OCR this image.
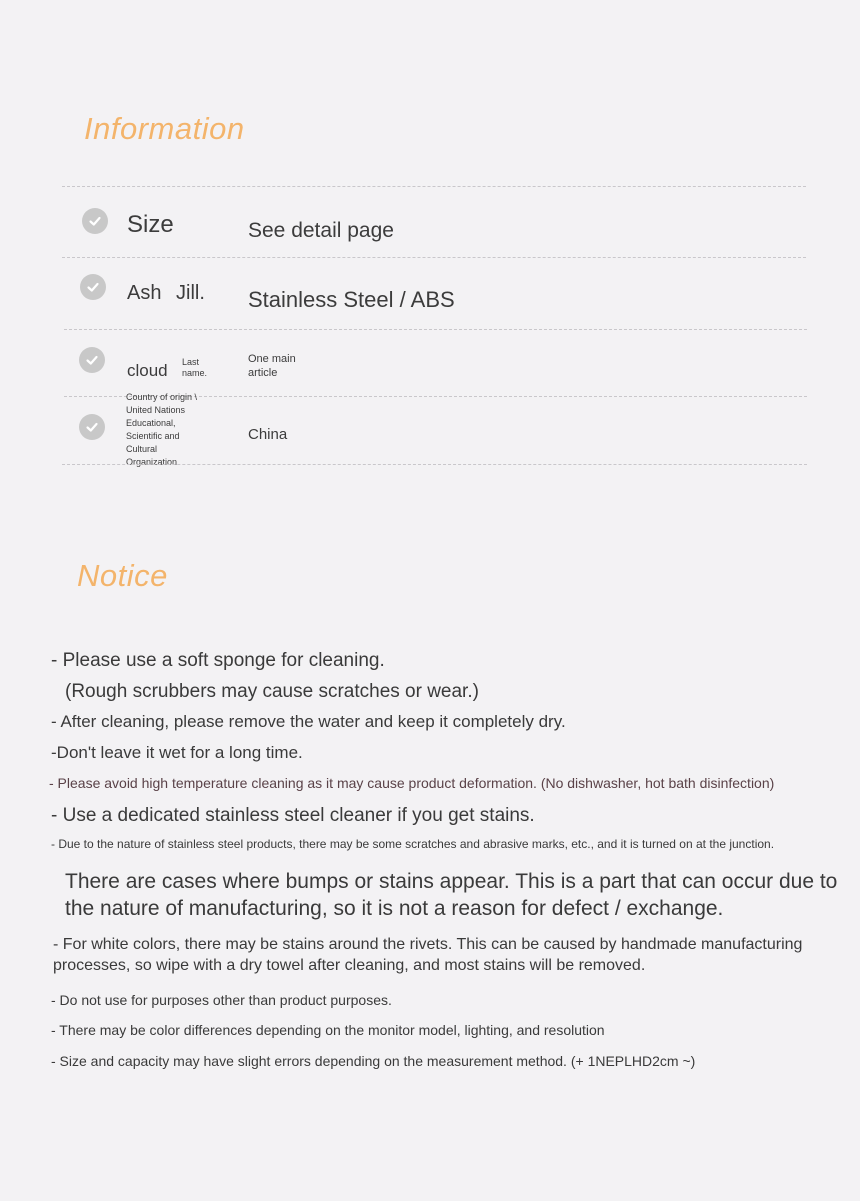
Information
Size	See detail page
Ash Jill. Stainless Steel / ABS
cloud Last name.
One main article
Country of origin \ United Nations Educational, Scientific and Cultural Organization
China
Notice
- Please use a soft sponge for cleaning.
(Rough scrubbers may cause scratches or wear.)
- After cleaning, please remove the water and keep it completely dry.
-Don't leave it wet for a long time.
- Please avoid high temperature cleaning as it may cause product deformation. (No dishwasher, hot bath disinfection)
- Use a dedicated stainless steel cleaner if you get stains.
- Due to the nature of stainless steel products, there may be some scratches and abrasive marks, etc., and it is turned on at the junction.
There are cases where bumps or stains appear. This is a part that can occur due to the nature of manufacturing, so it is not a reason for defect / exchange.
- For white colors, there may be stains around the rivets. This can be caused by handmade manufacturing processes, so wipe with a dry towel after cleaning, and most stains will be removed.
- Do not use for purposes other than product purposes.
- There may be color differences depending on the monitor model, lighting, and resolution
- Size and capacity may have slight errors depending on the measurement method. (+ 1NEPLHD2cm ~)
